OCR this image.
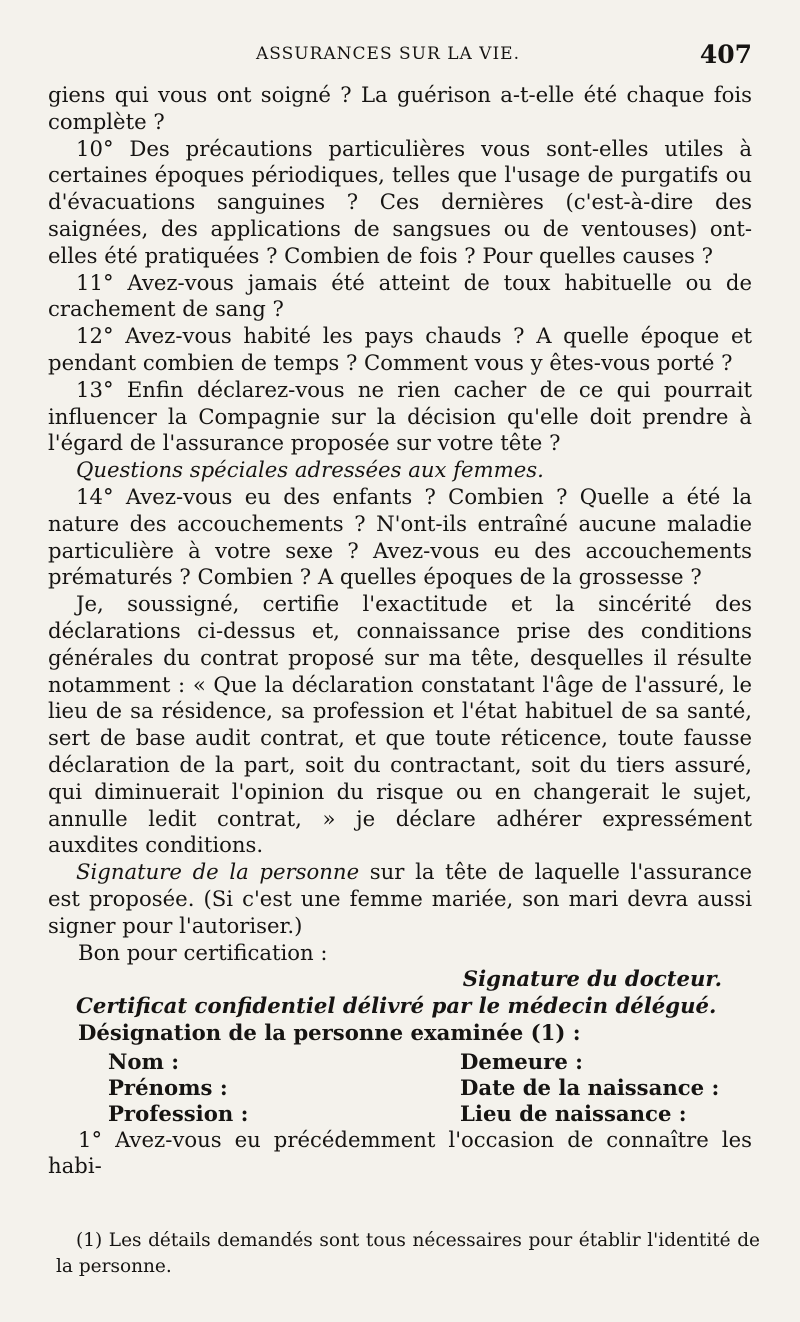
ASSURANCES SUR LA VIE.	407

giens qui vous ont soigné ? La guérison a-t-elle été chaque fois complète ?

10° Des précautions particulières vous sont-elles utiles à certaines époques périodiques, telles que l'usage de purgatifs ou d'évacuations sanguines ? Ces dernières (c'est-à-dire des saignées, des applications de sangsues ou de ventouses) ont-elles été pratiquées ? Combien de fois ? Pour quelles causes ?

11° Avez-vous jamais été atteint de toux habituelle ou de crachement de sang ?

12° Avez-vous habité les pays chauds ? A quelle époque et pendant combien de temps ? Comment vous y êtes-vous porté ?

13° Enfin déclarez-vous ne rien cacher de ce qui pourrait influencer la Compagnie sur la décision qu'elle doit prendre à l'égard de l'assurance proposée sur votre tête ?

Questions spéciales adressées aux femmes.

14° Avez-vous eu des enfants ? Combien ? Quelle a été la nature des accouchements ? N'ont-ils entraîné aucune maladie particulière à votre sexe ? Avez-vous eu des accouchements prématurés ? Combien ? A quelles époques de la grossesse ?

Je, soussigné, certifie l'exactitude et la sincérité des déclarations ci-dessus et, connaissance prise des conditions générales du contrat proposé sur ma tête, desquelles il résulte notamment : « Que la déclaration constatant l'âge de l'assuré, le lieu de sa résidence, sa profession et l'état habituel de sa santé, sert de base audit contrat, et que toute réticence, toute fausse déclaration de la part, soit du contractant, soit du tiers assuré, qui diminuerait l'opinion du risque ou en changerait le sujet, annulle ledit contrat, » je déclare adhérer expressément auxdites conditions.

Signature de la personne sur la tête de laquelle l'assurance est proposée. (Si c'est une femme mariée, son mari devra aussi signer pour l'autoriser.)

Bon pour certification :

Signature du docteur.

Certificat confidentiel délivré par le médecin délégué.

Désignation de la personne examinée (1) :

Nom :	Demeure :
Prénoms :	Date de la naissance :
Profession :	Lieu de naissance :

1° Avez-vous eu précédemment l'occasion de connaître les habi-

(1) Les détails demandés sont tous nécessaires pour établir l'identité de la personne.
